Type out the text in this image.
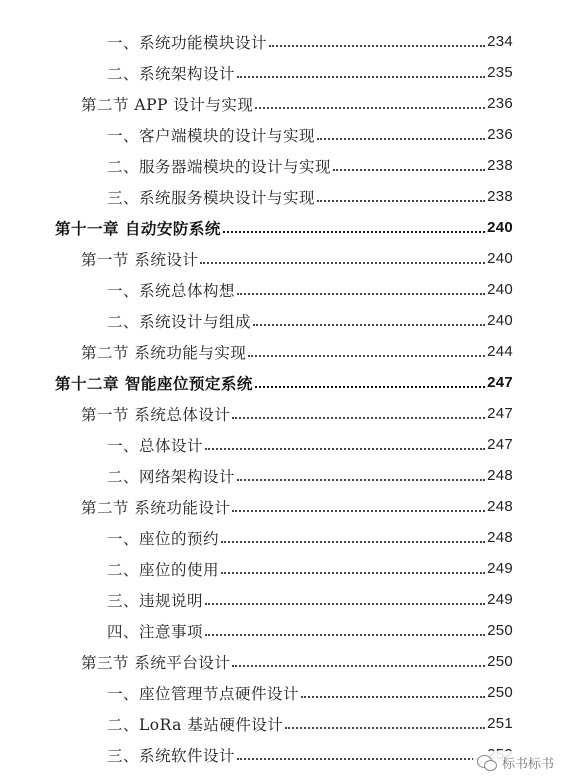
一、系统功能模块设计	234
二、系统架构设计	235
第二节 APP 设计与实现	236
一、客户端模块的设计与实现	236
二、服务器端模块的设计与实现	238
三、系统服务模块设计与实现	238
第十一章 自动安防系统	240
第一节 系统设计	240
一、系统总体构想	240
二、系统设计与组成	240
第二节 系统功能与实现	244
第十二章 智能座位预定系统	247
第一节 系统总体设计	247
一、总体设计	247
二、网络架构设计	248
第二节 系统功能设计	248
一、座位的预约	248
二、座位的使用	249
三、违规说明	249
四、注意事项	250
第三节 系统平台设计	250
一、座位管理节点硬件设计	250
二、LoRa 基站硬件设计	251
三、系统软件设计	标书标书
